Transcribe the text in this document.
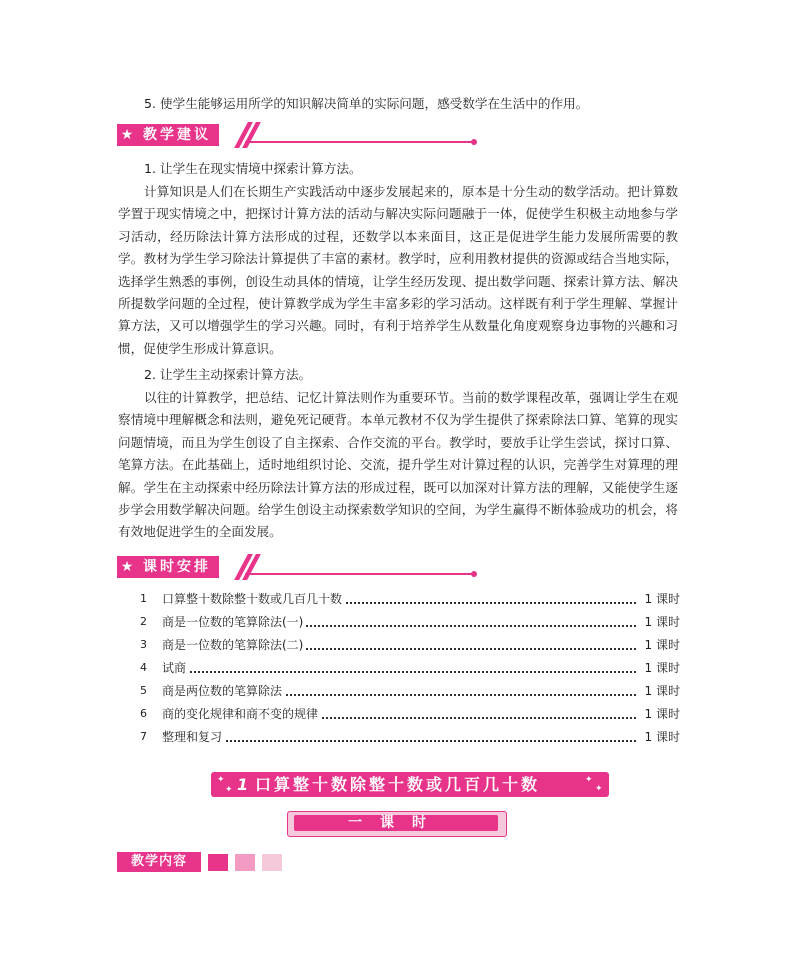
5. 使学生能够运用所学的知识解决简单的实际问题，感受数学在生活中的作用。

★ 教学建议

1. 让学生在现实情境中探索计算方法。

计算知识是人们在长期生产实践活动中逐步发展起来的，原本是十分生动的数学活动。把计算数学置于现实情境之中，把探讨计算方法的活动与解决实际问题融于一体，促使学生积极主动地参与学习活动，经历除法计算方法形成的过程，还数学以本来面目，这正是促进学生能力发展所需要的教学。教材为学生学习除法计算提供了丰富的素材。教学时，应利用教材提供的资源或结合当地实际，选择学生熟悉的事例，创设生动具体的情境，让学生经历发现、提出数学问题、探索计算方法、解决所提数学问题的全过程，使计算教学成为学生丰富多彩的学习活动。这样既有利于学生理解、掌握计算方法，又可以增强学生的学习兴趣。同时，有利于培养学生从数量化角度观察身边事物的兴趣和习惯，促使学生形成计算意识。

2. 让学生主动探索计算方法。

以往的计算教学，把总结、记忆计算法则作为重要环节。当前的数学课程改革，强调让学生在观察情境中理解概念和法则，避免死记硬背。本单元教材不仅为学生提供了探索除法口算、笔算的现实问题情境，而且为学生创设了自主探索、合作交流的平台。教学时，要放手让学生尝试，探讨口算、笔算方法。在此基础上，适时地组织讨论、交流，提升学生对计算过程的认识，完善学生对算理的理解。学生在主动探索中经历除法计算方法的形成过程，既可以加深对计算方法的理解，又能使学生逐步学会用数学解决问题。给学生创设主动探索数学知识的空间，为学生赢得不断体验成功的机会，将有效地促进学生的全面发展。

★ 课时安排
1	口算整十数除整十数或几百几十数	1 课时
2	商是一位数的笔算除法(一)	1 课时
3	商是一位数的笔算除法(二)	1 课时
4	试商	1 课时
5	商是两位数的笔算除法	1 课时
6	商的变化规律和商不变的规律	1 课时
7	整理和复习	1 课时
✦
✦ 1 口算整十数除整十数或几百几十数	✦
✦
一课时
教学内容
